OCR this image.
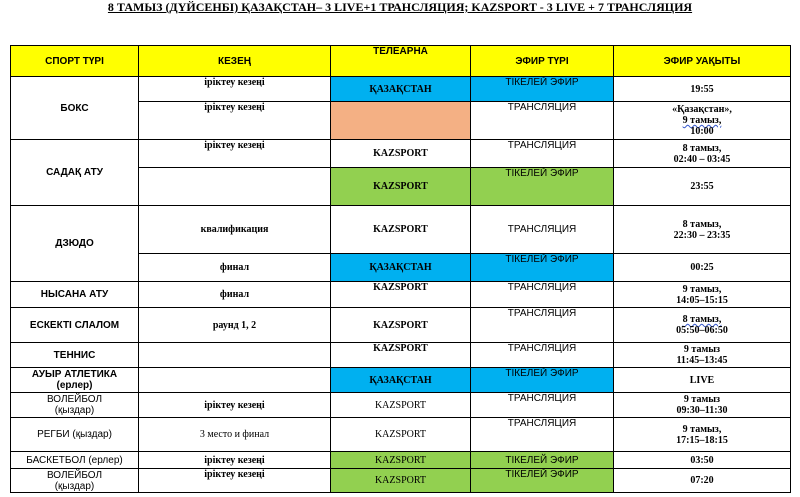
8 ТАМЫЗ (ДҮЙСЕНБІ) ҚАЗАҚСТАН– 3 LIVE+1 ТРАНСЛЯЦИЯ; KAZSPORT - 3 LIVE + 7 ТРАНСЛЯЦИЯ
СПОРТ ТҮРІ	КЕЗЕҢ	ТЕЛЕАРНА	ЭФИР ТҮРІ	ЭФИР УАҚЫТЫ
БОКС	іріктеу кезеңі	ҚАЗАҚСТАН	ТІКЕЛЕЙ ЭФИР	19:55
	іріктеу кезеңі		ТРАНСЛЯЦИЯ	«Қазақстан»,
9 тамыз,
10:00
САДАҚ АТУ	іріктеу кезеңі	KAZSPORT	ТРАНСЛЯЦИЯ	8 тамыз,
02:40 – 03:45
		KAZSPORT	ТІКЕЛЕЙ ЭФИР	23:55
ДЗЮДО	квалификация	KAZSPORT	ТРАНСЛЯЦИЯ	8 тамыз,
22:30 – 23:35
	финал	ҚАЗАҚСТАН	ТІКЕЛЕЙ ЭФИР	00:25
НЫСАНА АТУ	финал	KAZSPORT	ТРАНСЛЯЦИЯ	9 тамыз,
14:05–15:15
ЕСКЕКТІ СЛАЛОМ	раунд 1, 2	KAZSPORT	ТРАНСЛЯЦИЯ	8 тамыз,
05:50–06:50
ТЕННИС		KAZSPORT	ТРАНСЛЯЦИЯ	9 тамыз
11:45–13:45
АУЫР АТЛЕТИКА
(ерлер)		ҚАЗАҚСТАН	ТІКЕЛЕЙ ЭФИР	LIVE
ВОЛЕЙБОЛ
(қыздар)	іріктеу кезеңі	KAZSPORT	ТРАНСЛЯЦИЯ	9 тамыз
09:30–11:30
РЕГБИ (қыздар)	3 место и финал	KAZSPORT	ТРАНСЛЯЦИЯ	9 тамыз,
17:15–18:15
БАСКЕТБОЛ (ерлер)	іріктеу кезеңі	KAZSPORT	ТІКЕЛЕЙ ЭФИР	03:50
ВОЛЕЙБОЛ
(қыздар)	іріктеу кезеңі	KAZSPORT	ТІКЕЛЕЙ ЭФИР	07:20
